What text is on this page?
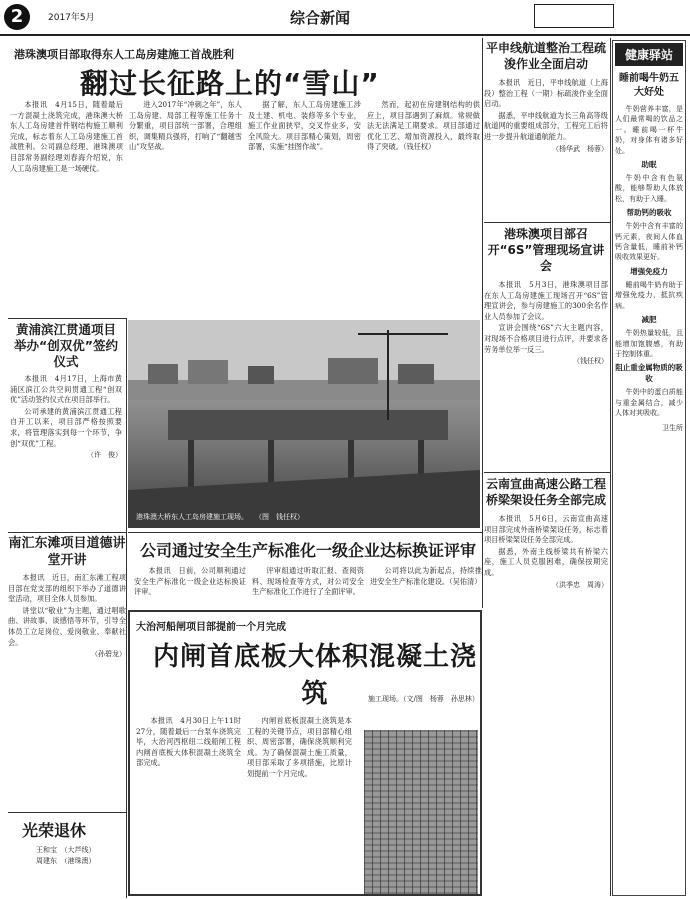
2	2017年5月	综合新闻
港珠澳项目部取得东人工岛房建施工首战胜利
翻过长征路上的“雪山”

本报讯　4月15日，随着最后一方混凝土浇筑完成，港珠澳大桥东人工岛房建首件钢结构施工顺利完成，标志着东人工岛房建施工首战胜利。公司副总经理、港珠澳项目部常务副经理刘春海介绍说，东人工岛房建施工是一场硬仗。

进入2017年“冲刺之年”，东人工岛房建、局部工程等施工任务十分繁重，项目部统一部署，合理组织，调集精兵强将，打响了“翻越雪山”攻坚战。

据了解，东人工岛房建施工涉及土建、机电、装修等多个专业，施工作业面狭窄，交叉作业多，安全风险大。项目部精心策划，周密部署，实施“挂图作战”。

然而，起初在房建钢结构的供应上，项目部遇到了麻烦。常规做法无法满足工期要求。项目部通过优化工艺、增加资源投入，最终取得了突破。（钱任权）

港珠澳大桥东人工岛房建施工现场。　　（图　钱任权）
黄浦滨江贯通项目举办“创双优”签约仪式

本报讯　4月17日，上海市黄浦区滨江公共空间贯通工程“创双优”活动签约仪式在项目部举行。

公司承建的黄浦滨江贯通工程自开工以来，项目部严格按照要求，将管理落实到每一个环节，争创“双优”工程。

（许　俊）
南汇东滩项目道德讲堂开讲

本报讯　近日，南汇东滩工程项目部在党支部的组织下举办了道德讲堂活动，项目全体人员参加。

讲堂以“敬业”为主题，通过唱歌曲、讲故事、谈感悟等环节，引导全体员工立足岗位、爱岗敬业、奉献社会。

（孙碧龙）
光荣退休
王和宝　（大芦线）
周建东　（港珠澳）
公司通过安全生产标准化一级企业达标换证评审

本报讯　日前，公司顺利通过安全生产标准化一级企业达标换证评审。

评审组通过听取汇报、查阅资料、现场检查等方式，对公司安全生产标准化工作进行了全面评审。

公司将以此为新起点，持续推进安全生产标准化建设。（吴佑清）

大治河船闸项目部提前一个月完成
内闸首底板大体积混凝土浇筑	施工现场。（文/图　杨蓉　孙思林）

本报讯　4月30日上午11时27分，随着最后一台泵车浇筑完毕，大治河西枢纽二线船闸工程内闸首底板大体积混凝土浇筑全部完成。

内闸首底板混凝土浇筑是本工程的关键节点，项目部精心组织、周密部署，确保浇筑顺利完成。为了确保混凝土施工质量，项目部采取了多项措施，比原计划提前一个月完成。

平申线航道整治工程疏浚作业全面启动

本报讯　近日，平申线航道（上海段）整治工程（一期）标疏浚作业全面启动。

据悉，平申线航道为长三角高等级航道网的重要组成部分，工程完工后将进一步提升航道通航能力。

（杨华武　杨蓉）
港珠澳项目部召开“6S”管理现场宣讲会

本报讯　5月3日，港珠澳项目部在东人工岛房建施工现场召开“6S”管理宣讲会，参与房建施工的300余名作业人员参加了会议。

宣讲会围绕“6S”六大主题内容，对现场不合格项目进行点评，并要求各劳务单位举一反三。

（钱任权）
云南宣曲高速公路工程桥梁架设任务全部完成

本报讯　5月6日，云南宣曲高速项目部完成外南桥梁架设任务，标志着项目桥梁架设任务全部完成。

据悉，外南主线桥梁共有桥梁六座，施工人员克服困难，确保按期完成。

（洪季忠　周涛）
健康驿站
睡前喝牛奶五大好处

牛奶营养丰富，是人们最常喝的饮品之一。睡前喝一杯牛奶，对身体有诸多好处。

助眠

牛奶中含有色氨酸，能够帮助人体放松，有助于入睡。

帮助钙的吸收

牛奶中含有丰富的钙元素，夜间人体血钙含量低，睡前补钙吸收效果更好。

增强免疫力

睡前喝牛奶有助于增强免疫力，抵抗疾病。

减肥

牛奶热量较低，且能增加饱腹感，有助于控制体重。

阻止重金属物质的吸收

牛奶中的蛋白质能与重金属结合，减少人体对其吸收。

卫生所
